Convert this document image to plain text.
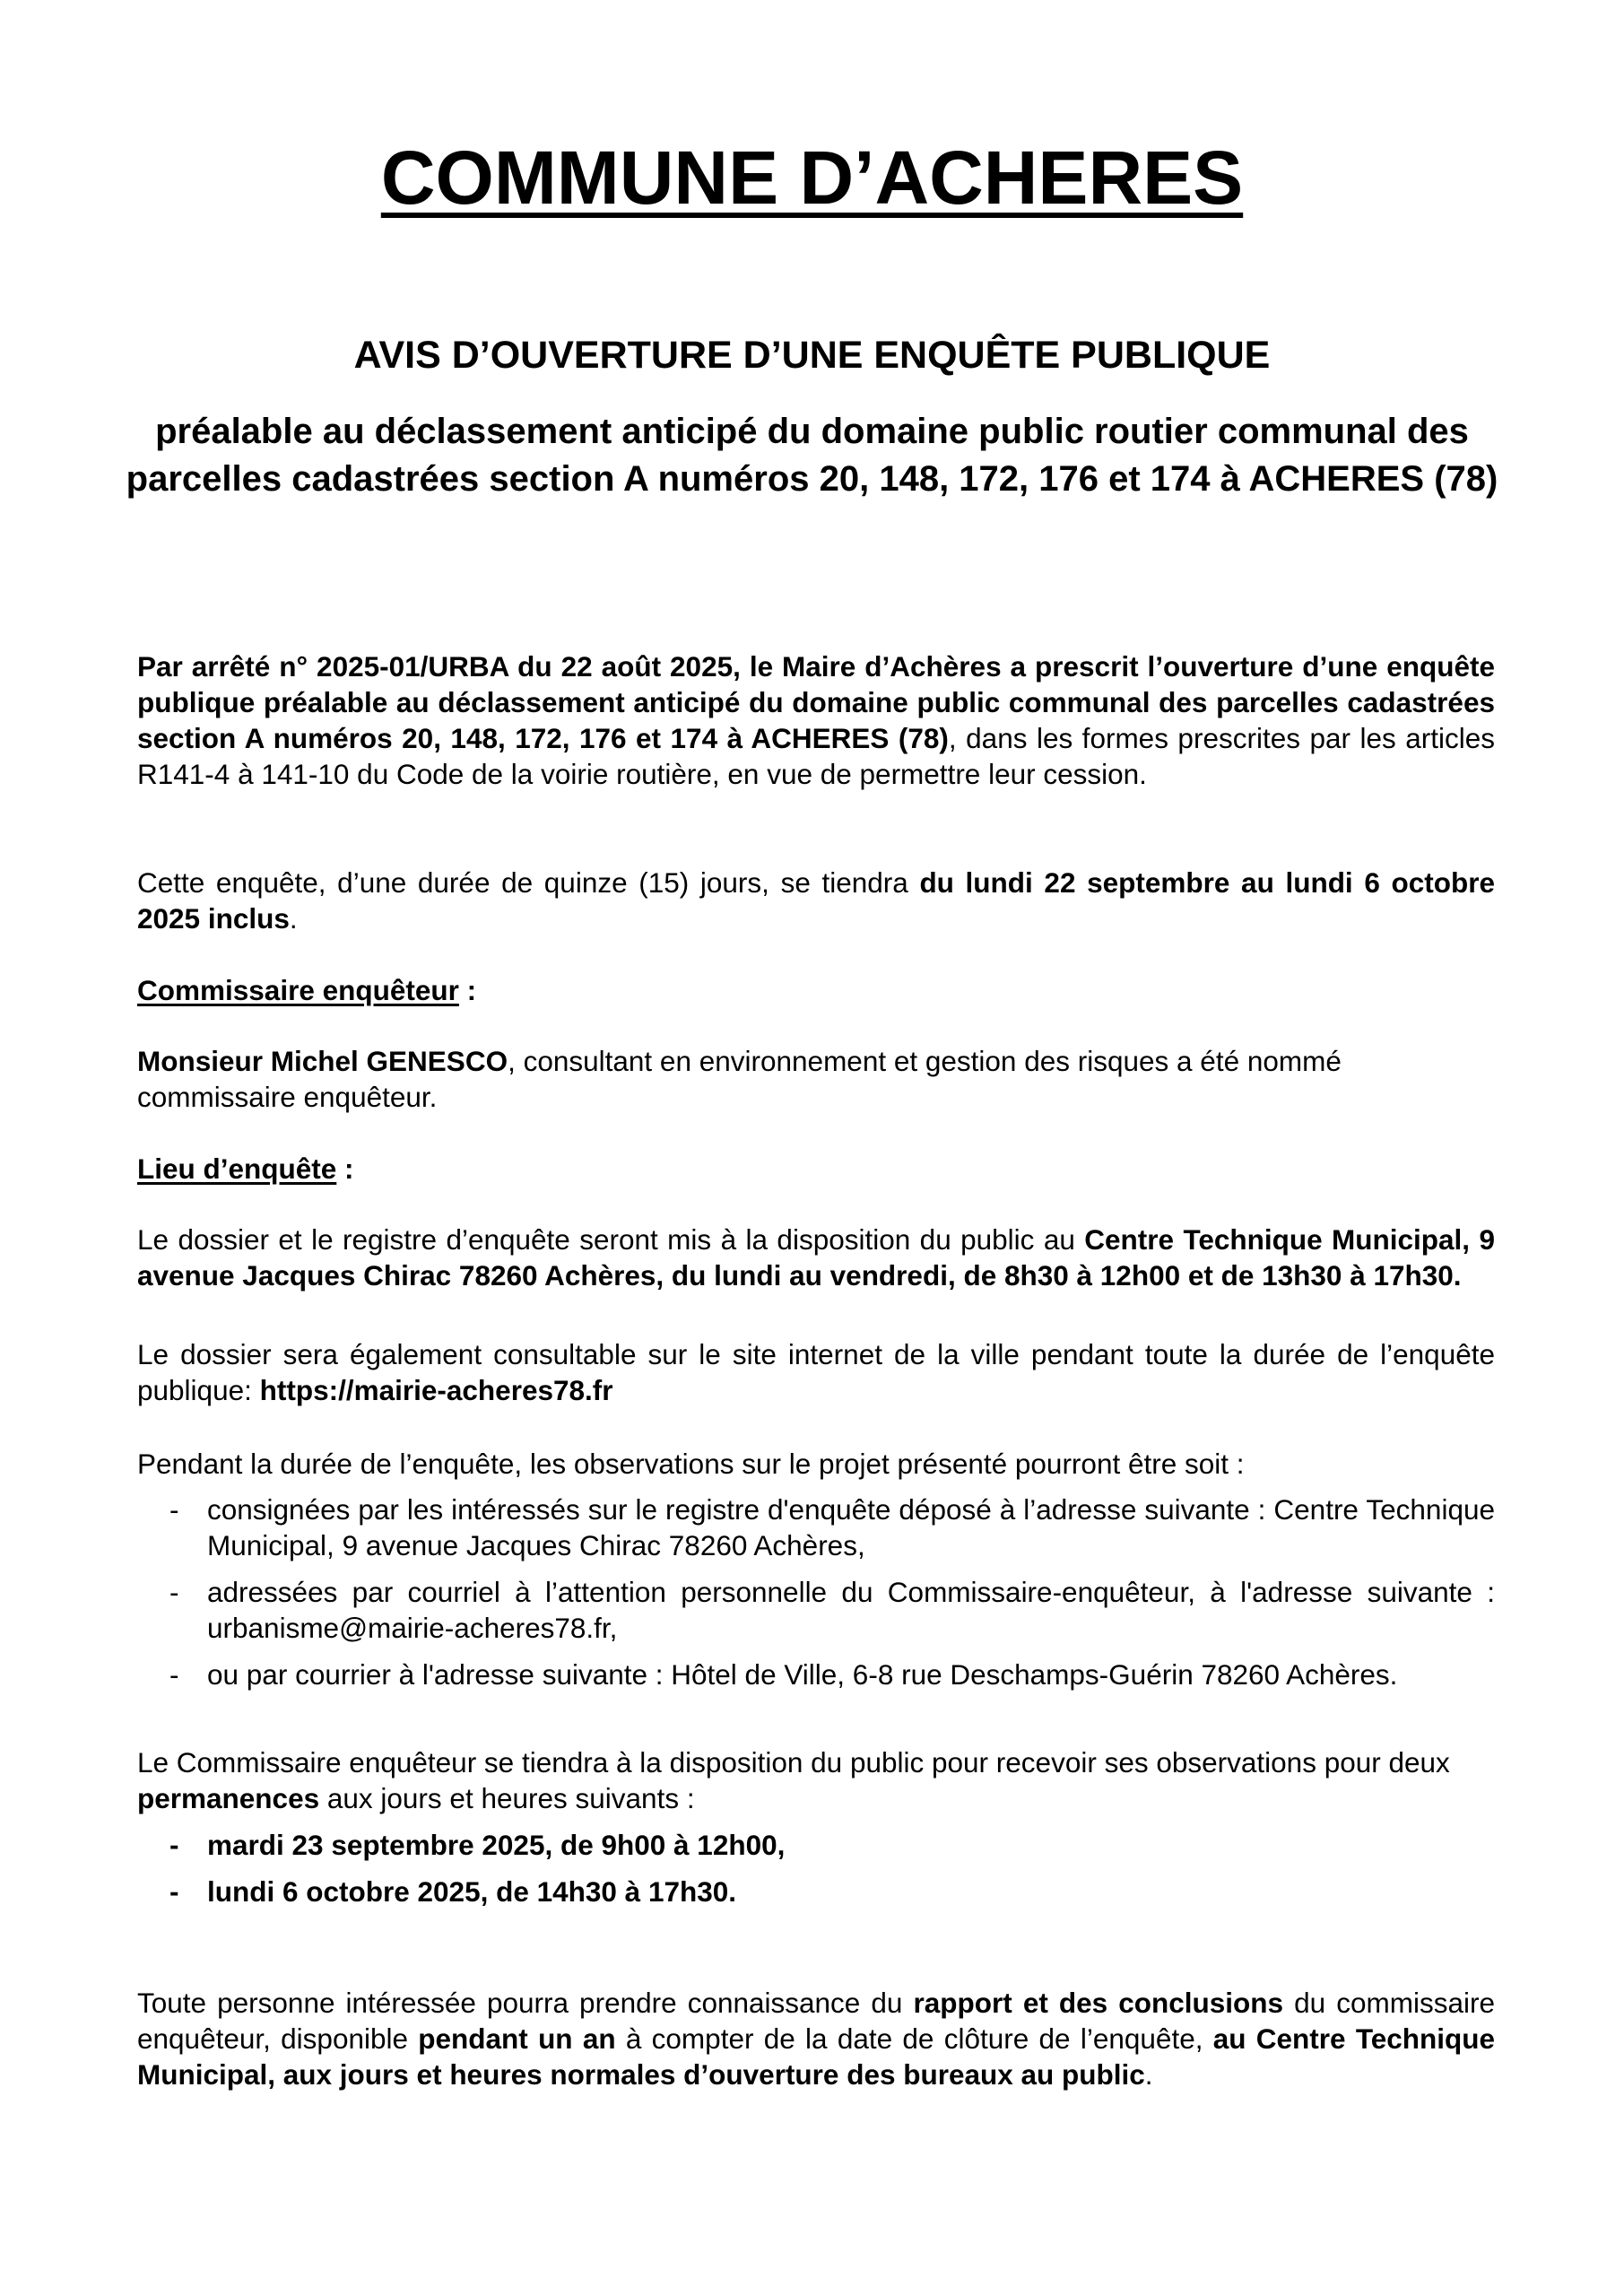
COMMUNE D’ACHERES
AVIS D’OUVERTURE D’UNE ENQUÊTE PUBLIQUE

préalable au déclassement anticipé du domaine public routier communal des parcelles cadastrées section A numéros 20, 148, 172, 176 et 174 à ACHERES (78)

Par arrêté n° 2025-01/URBA du 22 août 2025, le Maire d’Achères a prescrit l’ouverture d’une enquête publique préalable au déclassement anticipé du domaine public communal des parcelles cadastrées section A numéros 20, 148, 172, 176 et 174 à ACHERES (78), dans les formes prescrites par les articles R141-4 à 141-10 du Code de la voirie routière, en vue de permettre leur cession.

Cette enquête, d’une durée de quinze (15) jours, se tiendra du lundi 22 septembre au lundi 6 octobre 2025 inclus.

Commissaire enquêteur :

Monsieur Michel GENESCO, consultant en environnement et gestion des risques a été nommé commissaire enquêteur.

Lieu d’enquête :

Le dossier et le registre d’enquête seront mis à la disposition du public au Centre Technique Municipal, 9 avenue Jacques Chirac 78260 Achères, du lundi au vendredi, de 8h30 à 12h00 et de 13h30 à 17h30.

Le dossier sera également consultable sur le site internet de la ville pendant toute la durée de l’enquête publique: https://mairie-acheres78.fr

Pendant la durée de l’enquête, les observations sur le projet présenté pourront être soit :

- consignées par les intéressés sur le registre d'enquête déposé à l’adresse suivante : Centre Technique Municipal, 9 avenue Jacques Chirac 78260 Achères,
- adressées par courriel à l’attention personnelle du Commissaire-enquêteur, à l'adresse suivante : urbanisme@mairie-acheres78.fr,
- ou par courrier à l'adresse suivante : Hôtel de Ville, 6-8 rue Deschamps-Guérin 78260 Achères.

Le Commissaire enquêteur se tiendra à la disposition du public pour recevoir ses observations pour deux permanences aux jours et heures suivants :

- mardi 23 septembre 2025, de 9h00 à 12h00,
- lundi 6 octobre 2025, de 14h30 à 17h30.

Toute personne intéressée pourra prendre connaissance du rapport et des conclusions du commissaire enquêteur, disponible pendant un an à compter de la date de clôture de l’enquête, au Centre Technique Municipal, aux jours et heures normales d’ouverture des bureaux au public.
